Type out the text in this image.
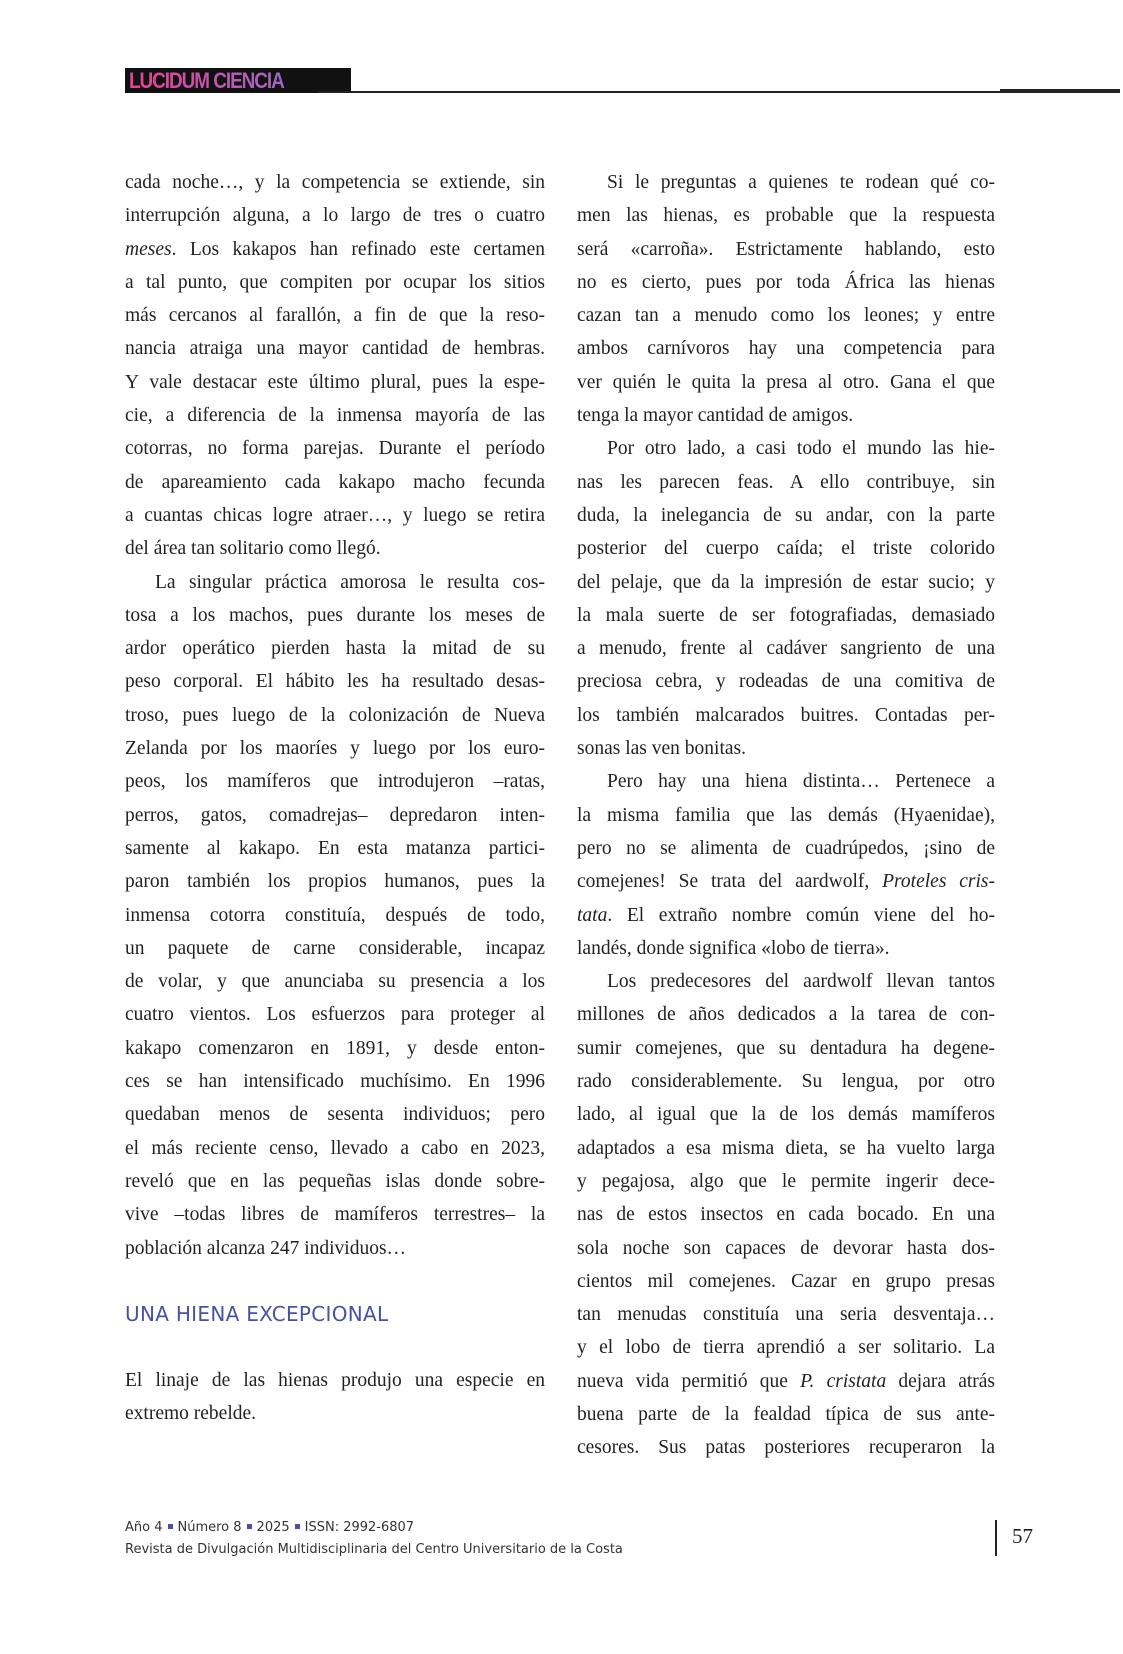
LUCIDUM CIENCIA
cada noche…, y la competencia se extiende, sin
interrupción alguna, a lo largo de tres o cuatro
meses. Los kakapos han refinado este certamen
a tal punto, que compiten por ocupar los sitios
más cercanos al farallón, a fin de que la reso-
nancia atraiga una mayor cantidad de hembras.
Y vale destacar este último plural, pues la espe-
cie, a diferencia de la inmensa mayoría de las
cotorras, no forma parejas. Durante el período
de apareamiento cada kakapo macho fecunda
a cuantas chicas logre atraer…, y luego se retira
del área tan solitario como llegó.
La singular práctica amorosa le resulta cos-
tosa a los machos, pues durante los meses de
ardor operático pierden hasta la mitad de su
peso corporal. El hábito les ha resultado desas-
troso, pues luego de la colonización de Nueva
Zelanda por los maoríes y luego por los euro-
peos, los mamíferos que introdujeron –ratas,
perros, gatos, comadrejas– depredaron inten-
samente al kakapo. En esta matanza partici-
paron también los propios humanos, pues la
inmensa cotorra constituía, después de todo,
un paquete de carne considerable, incapaz
de volar, y que anunciaba su presencia a los
cuatro vientos. Los esfuerzos para proteger al
kakapo comenzaron en 1891, y desde enton-
ces se han intensificado muchísimo. En 1996
quedaban menos de sesenta individuos; pero
el más reciente censo, llevado a cabo en 2023,
reveló que en las pequeñas islas donde sobre-
vive –todas libres de mamíferos terrestres– la
población alcanza 247 individuos…
UNA HIENA EXCEPCIONAL
El linaje de las hienas produjo una especie en
extremo rebelde.
Si le preguntas a quienes te rodean qué co-
men las hienas, es probable que la respuesta
será «carroña». Estrictamente hablando, esto
no es cierto, pues por toda África las hienas
cazan tan a menudo como los leones; y entre
ambos carnívoros hay una competencia para
ver quién le quita la presa al otro. Gana el que
tenga la mayor cantidad de amigos.
Por otro lado, a casi todo el mundo las hie-
nas les parecen feas. A ello contribuye, sin
duda, la inelegancia de su andar, con la parte
posterior del cuerpo caída; el triste colorido
del pelaje, que da la impresión de estar sucio; y
la mala suerte de ser fotografiadas, demasiado
a menudo, frente al cadáver sangriento de una
preciosa cebra, y rodeadas de una comitiva de
los también malcarados buitres. Contadas per-
sonas las ven bonitas.
Pero hay una hiena distinta… Pertenece a
la misma familia que las demás (Hyaenidae),
pero no se alimenta de cuadrúpedos, ¡sino de
comejenes! Se trata del aardwolf, Proteles cris-
tata. El extraño nombre común viene del ho-
landés, donde significa «lobo de tierra».
Los predecesores del aardwolf llevan tantos
millones de años dedicados a la tarea de con-
sumir comejenes, que su dentadura ha degene-
rado considerablemente. Su lengua, por otro
lado, al igual que la de los demás mamíferos
adaptados a esa misma dieta, se ha vuelto larga
y pegajosa, algo que le permite ingerir dece-
nas de estos insectos en cada bocado. En una
sola noche son capaces de devorar hasta dos-
cientos mil comejenes. Cazar en grupo presas
tan menudas constituía una seria desventaja…
y el lobo de tierra aprendió a ser solitario. La
nueva vida permitió que P. cristata dejara atrás
buena parte de la fealdad típica de sus ante-
cesores. Sus patas posteriores recuperaron la
Año 4 Número 8 2025 ISSN: 2992-6807
Revista de Divulgación Multidisciplinaria del Centro Universitario de la Costa
57
